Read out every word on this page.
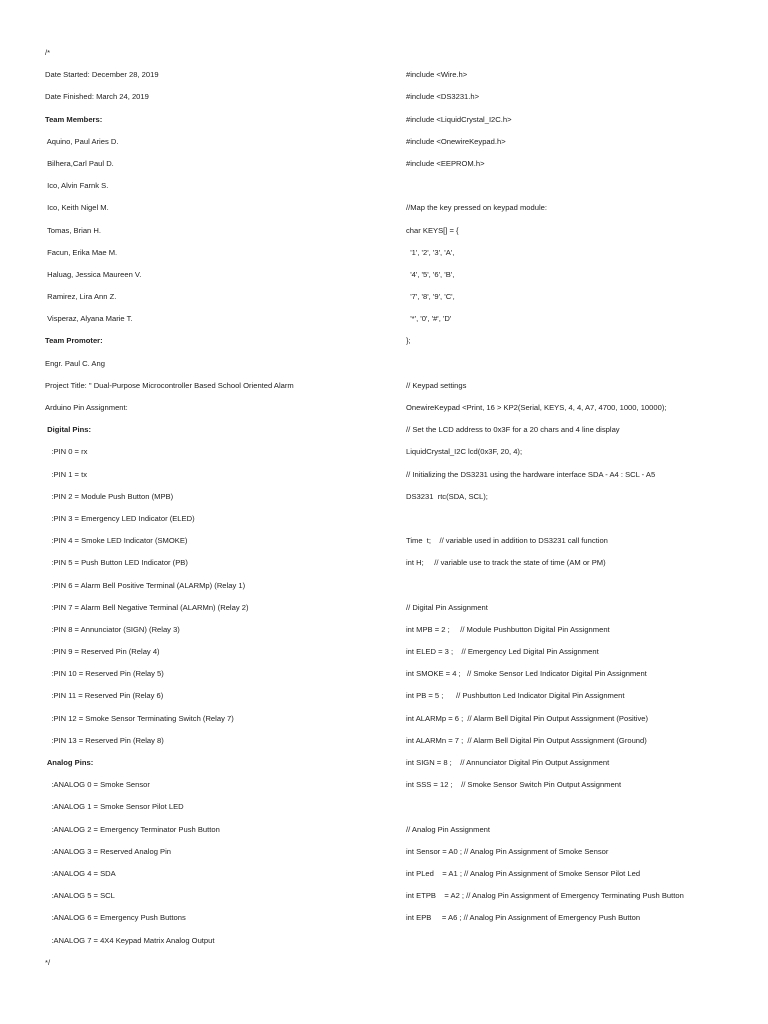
/*
Date Started: December 28, 2019
Date Finished: March 24, 2019
Team Members:
Aquino, Paul Aries D.
Bilhera,Carl Paul D.
Ico, Alvin Farnk S.
Ico, Keith Nigel M.
Tomas, Brian H.
Facun, Erika Mae M.
Haluag, Jessica Maureen V.
Ramirez, Lira Ann Z.
Visperaz, Alyana Marie T.
Team Promoter:
Engr. Paul C. Ang
Project Title: " Dual-Purpose Microcontroller Based School Oriented Alarm
Arduino Pin Assignment:
Digital Pins:
:PIN 0 = rx
:PIN 1 = tx
:PIN 2 = Module Push Button (MPB)
:PIN 3 = Emergency LED Indicator (ELED)
:PIN 4 = Smoke LED Indicator (SMOKE)
:PIN 5 = Push Button LED Indicator (PB)
:PIN 6 = Alarm Bell Positive Terminal (ALARMp) (Relay 1)
:PIN 7 = Alarm Bell Negative Terminal (ALARMn) (Relay 2)
:PIN 8 = Annunciator (SIGN) (Relay 3)
:PIN 9 = Reserved Pin (Relay 4)
:PIN 10 = Reserved Pin (Relay 5)
:PIN 11 = Reserved Pin (Relay 6)
:PIN 12 = Smoke Sensor Terminating Switch (Relay 7)
:PIN 13 = Reserved Pin (Relay 8)
Analog Pins:
:ANALOG 0 = Smoke Sensor
:ANALOG 1 = Smoke Sensor Pilot LED
:ANALOG 2 = Emergency Terminator Push Button
:ANALOG 3 = Reserved Analog Pin
:ANALOG 4 = SDA
:ANALOG 5 = SCL
:ANALOG 6 = Emergency Push Buttons
:ANALOG 7 = 4X4 Keypad Matrix Analog Output
*/
#include <Wire.h>
#include <DS3231.h>
#include <LiquidCrystal_I2C.h>
#include <OnewireKeypad.h>
#include <EEPROM.h>
//Map the key pressed on keypad module:
char KEYS[] = {
'1', '2', '3', 'A',
'4', '5', '6', 'B',
'7', '8', '9', 'C',
'*', '0', '#', 'D'
};
// Keypad settings
OnewireKeypad <Print, 16 > KP2(Serial, KEYS, 4, 4, A7, 4700, 1000, 10000);
// Set the LCD address to 0x3F for a 20 chars and 4 line display
LiquidCrystal_I2C lcd(0x3F, 20, 4);
// Initializing the DS3231 using the hardware interface SDA - A4 : SCL - A5
DS3231  rtc(SDA, SCL);
Time  t;    // variable used in addition to DS3231 call function
int H;     // variable use to track the state of time (AM or PM)
// Digital Pin Assignment
int MPB = 2 ;     // Module Pushbutton Digital Pin Assignment
int ELED = 3 ;    // Emergency Led Digital Pin Assignment
int SMOKE = 4 ;   // Smoke Sensor Led Indicator Digital Pin Assignment
int PB = 5 ;      // Pushbutton Led Indicator Digital Pin Assignment
int ALARMp = 6 ;  // Alarm Bell Digital Pin Output Asssignment (Positive)
int ALARMn = 7 ;  // Alarm Bell Digital Pin Output Asssignment (Ground)
int SIGN = 8 ;    // Annunciator Digital Pin Output Assignment
int SSS = 12 ;    // Smoke Sensor Switch Pin Output Assignment
// Analog Pin Assignment
int Sensor = A0 ; // Analog Pin Assignment of Smoke Sensor
int PLed    = A1 ; // Analog Pin Assignment of Smoke Sensor Pilot Led
int ETPB    = A2 ; // Analog Pin Assignment of Emergency Terminating Push Button
int EPB     = A6 ; // Analog Pin Assignment of Emergency Push Button
